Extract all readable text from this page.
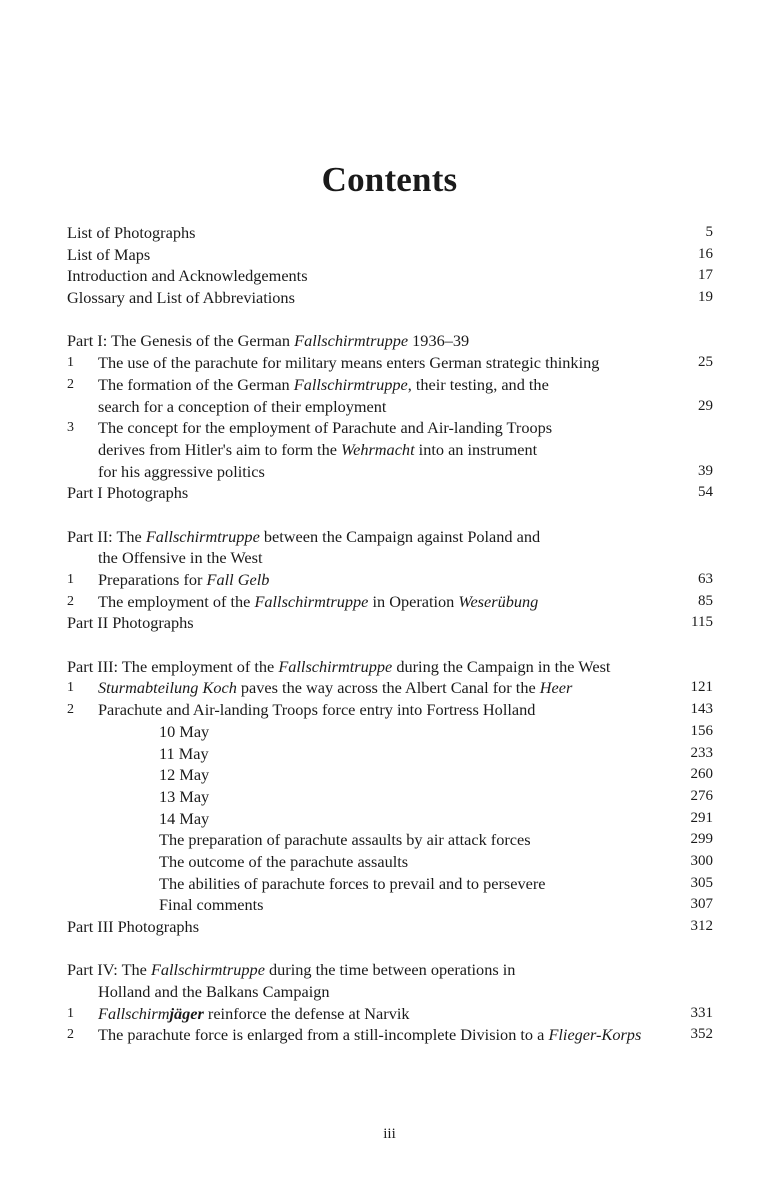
Contents
List of Photographs	5
List of Maps	16
Introduction and Acknowledgements	17
Glossary and List of Abbreviations	19
Part I: The Genesis of the German Fallschirmtruppe 1936–39
1 The use of the parachute for military means enters German strategic thinking	25
2 The formation of the German Fallschirmtruppe, their testing, and the
search for a conception of their employment	29
3 The concept for the employment of Parachute and Air-landing Troops
derives from Hitler's aim to form the Wehrmacht into an instrument
for his aggressive politics	39
Part I Photographs	54
Part II: The Fallschirmtruppe between the Campaign against Poland and
the Offensive in the West
1 Preparations for Fall Gelb	63
2 The employment of the Fallschirmtruppe in Operation Weserübung	85
Part II Photographs	115
Part III: The employment of the Fallschirmtruppe during the Campaign in the West
1 Sturmabteilung Koch paves the way across the Albert Canal for the Heer	121
2 Parachute and Air-landing Troops force entry into Fortress Holland	143
10 May	156
11 May	233
12 May	260
13 May	276
14 May	291
The preparation of parachute assaults by air attack forces	299
The outcome of the parachute assaults	300
The abilities of parachute forces to prevail and to persevere	305
Final comments	307
Part III Photographs	312
Part IV: The Fallschirmtruppe during the time between operations in
Holland and the Balkans Campaign
1 Fallschirmjäger reinforce the defense at Narvik	331
2 The parachute force is enlarged from a still-incomplete Division to a Flieger-Korps	352
iii
